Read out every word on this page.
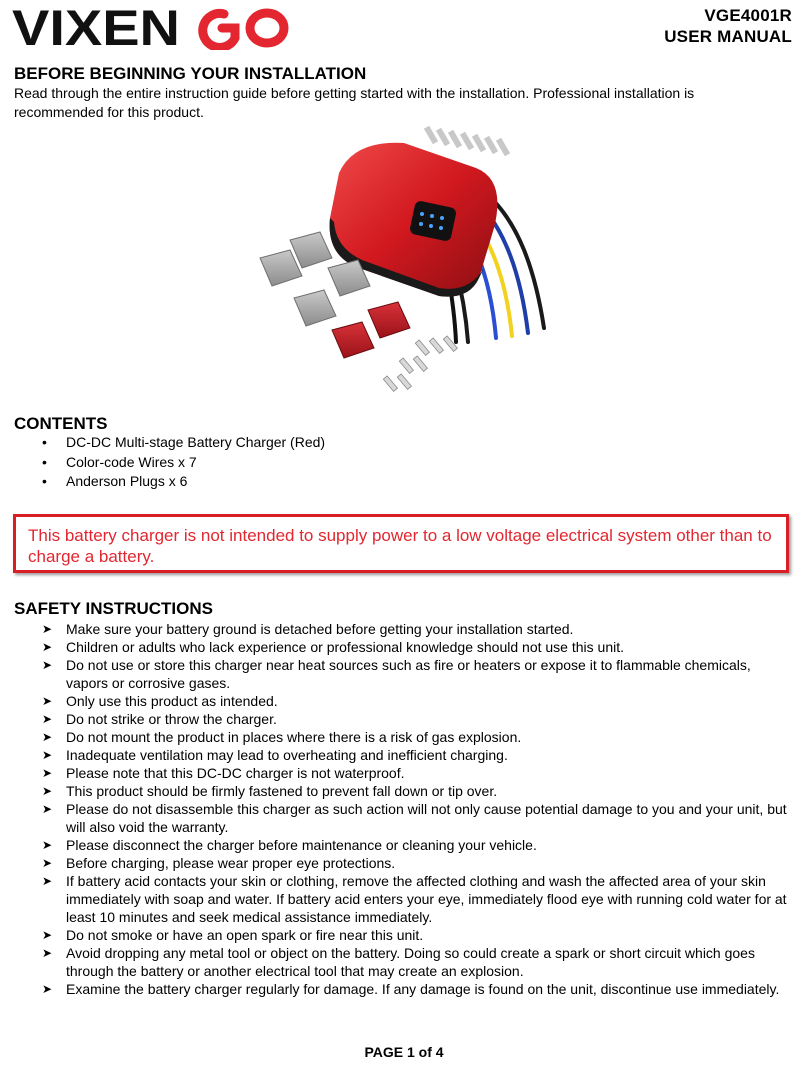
VIXEN	VGE4001R
USER MANUAL
BEFORE BEGINNING YOUR INSTALLATION

Read through the entire instruction guide before getting started with the installation. Professional installation is recommended for this product.

CONTENTS
• DC-DC Multi-stage Battery Charger (Red)
• Color-code Wires x 7
• Anderson Plugs x 6
This battery charger is not intended to supply power to a low voltage electrical system other than to charge a battery.
SAFETY INSTRUCTIONS
➤ Make sure your battery ground is detached before getting your installation started.
➤ Children or adults who lack experience or professional knowledge should not use this unit.
➤ Do not use or store this charger near heat sources such as fire or heaters or expose it to flammable chemicals, vapors or corrosive gases.
➤ Only use this product as intended.
➤ Do not strike or throw the charger.
➤ Do not mount the product in places where there is a risk of gas explosion.
➤ Inadequate ventilation may lead to overheating and inefficient charging.
➤ Please note that this DC-DC charger is not waterproof.
➤ This product should be firmly fastened to prevent fall down or tip over.
➤ Please do not disassemble this charger as such action will not only cause potential damage to you and your unit, but will also void the warranty.
➤ Please disconnect the charger before maintenance or cleaning your vehicle.
➤ Before charging, please wear proper eye protections.
➤ If battery acid contacts your skin or clothing, remove the affected clothing and wash the affected area of your skin immediately with soap and water. If battery acid enters your eye, immediately flood eye with running cold water for at least 10 minutes and seek medical assistance immediately.
➤ Do not smoke or have an open spark or fire near this unit.
➤ Avoid dropping any metal tool or object on the battery. Doing so could create a spark or short circuit which goes through the battery or another electrical tool that may create an explosion.
➤ Examine the battery charger regularly for damage. If any damage is found on the unit, discontinue use immediately.
PAGE 1 of 4
